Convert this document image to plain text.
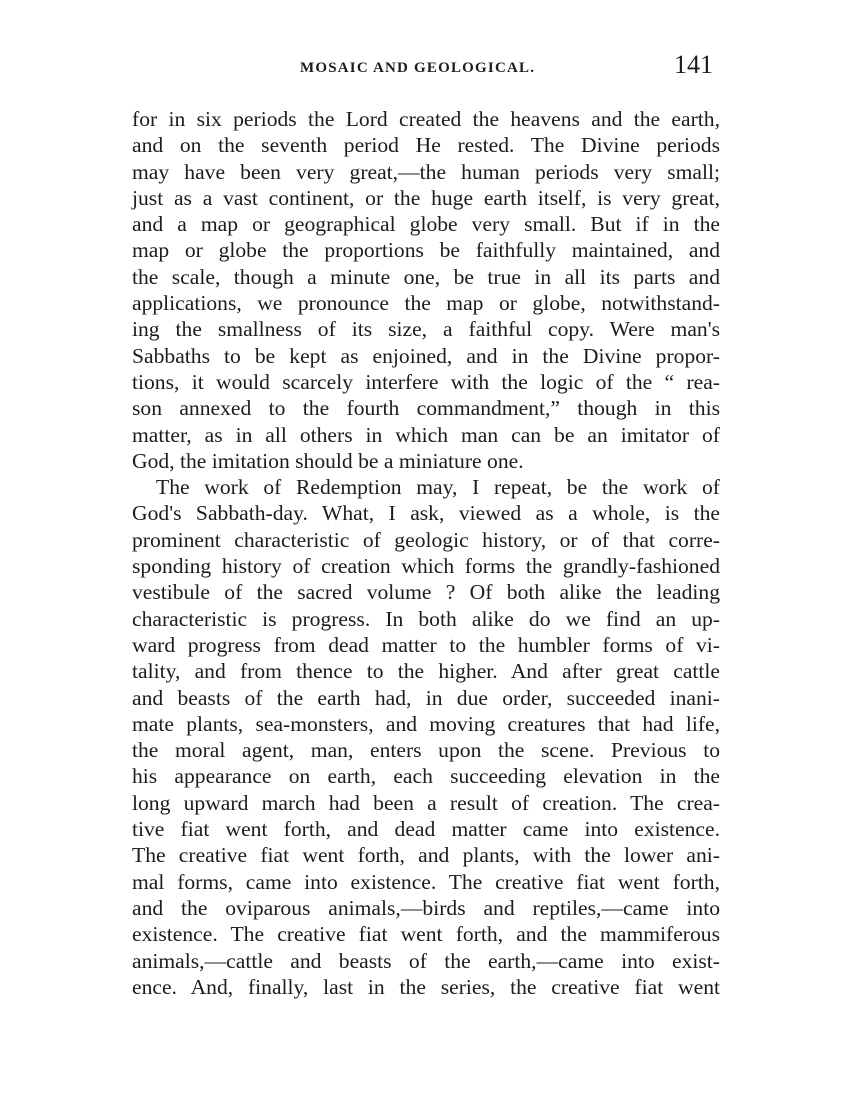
MOSAIC AND GEOLOGICAL.	141
for in six periods the Lord created the heavens and the earth,
and on the seventh period He rested. The Divine periods
may have been very great,—the human periods very small;
just as a vast continent, or the huge earth itself, is very great,
and a map or geographical globe very small. But if in the
map or globe the proportions be faithfully maintained, and
the scale, though a minute one, be true in all its parts and
applications, we pronounce the map or globe, notwithstand-
ing the smallness of its size, a faithful copy. Were man's
Sabbaths to be kept as enjoined, and in the Divine propor-
tions, it would scarcely interfere with the logic of the “ rea-
son annexed to the fourth commandment,” though in this
matter, as in all others in which man can be an imitator of
God, the imitation should be a miniature one.
The work of Redemption may, I repeat, be the work of
God's Sabbath-day. What, I ask, viewed as a whole, is the
prominent characteristic of geologic history, or of that corre-
sponding history of creation which forms the grandly-fashioned
vestibule of the sacred volume ? Of both alike the leading
characteristic is progress. In both alike do we find an up-
ward progress from dead matter to the humbler forms of vi-
tality, and from thence to the higher. And after great cattle
and beasts of the earth had, in due order, succeeded inani-
mate plants, sea-monsters, and moving creatures that had life,
the moral agent, man, enters upon the scene. Previous to
his appearance on earth, each succeeding elevation in the
long upward march had been a result of creation. The crea-
tive fiat went forth, and dead matter came into existence.
The creative fiat went forth, and plants, with the lower ani-
mal forms, came into existence. The creative fiat went forth,
and the oviparous animals,—birds and reptiles,—came into
existence. The creative fiat went forth, and the mammiferous
animals,—cattle and beasts of the earth,—came into exist-
ence. And, finally, last in the series, the creative fiat went
